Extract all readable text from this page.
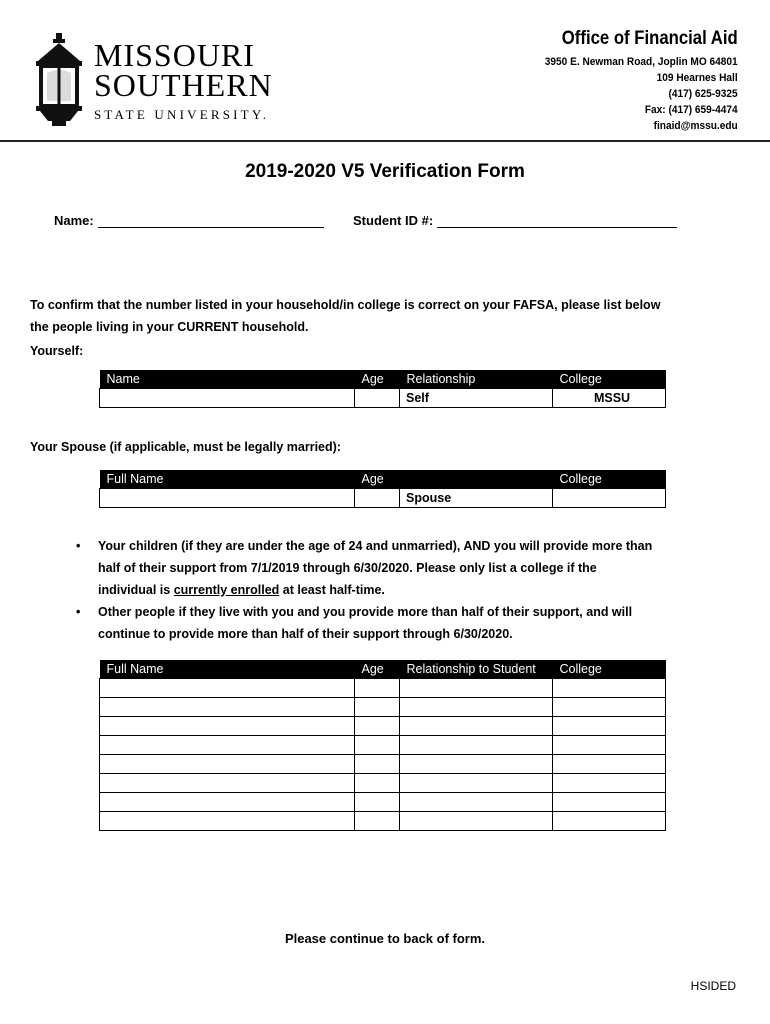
MISSOURI
SOUTHERN
STATE UNIVERSITY.
Office of Financial Aid
3950 E. Newman Road, Joplin MO 64801
109 Hearnes Hall
(417) 625-9325
Fax: (417) 659-4474
finaid@mssu.edu
2019-2020 V5 Verification Form
Name:	Student ID #:
To confirm that the number listed in your household/in college is correct on your FAFSA, please list below
the people living in your CURRENT household.
Yourself:
Name	Age	Relationship	College
		Self	MSSU
Your Spouse (if applicable, must be legally married):
Full Name	Age		College
		Spouse	
• Your children (if they are under the age of 24 and unmarried), AND you will provide more than
half of their support from 7/1/2019 through 6/30/2020. Please only list a college if the
individual is currently enrolled at least half-time.
• Other people if they live with you and you provide more than half of their support, and will
continue to provide more than half of their support through 6/30/2020.
Full Name	Age	Relationship to Student	College

Please continue to back of form.
HSIDED
